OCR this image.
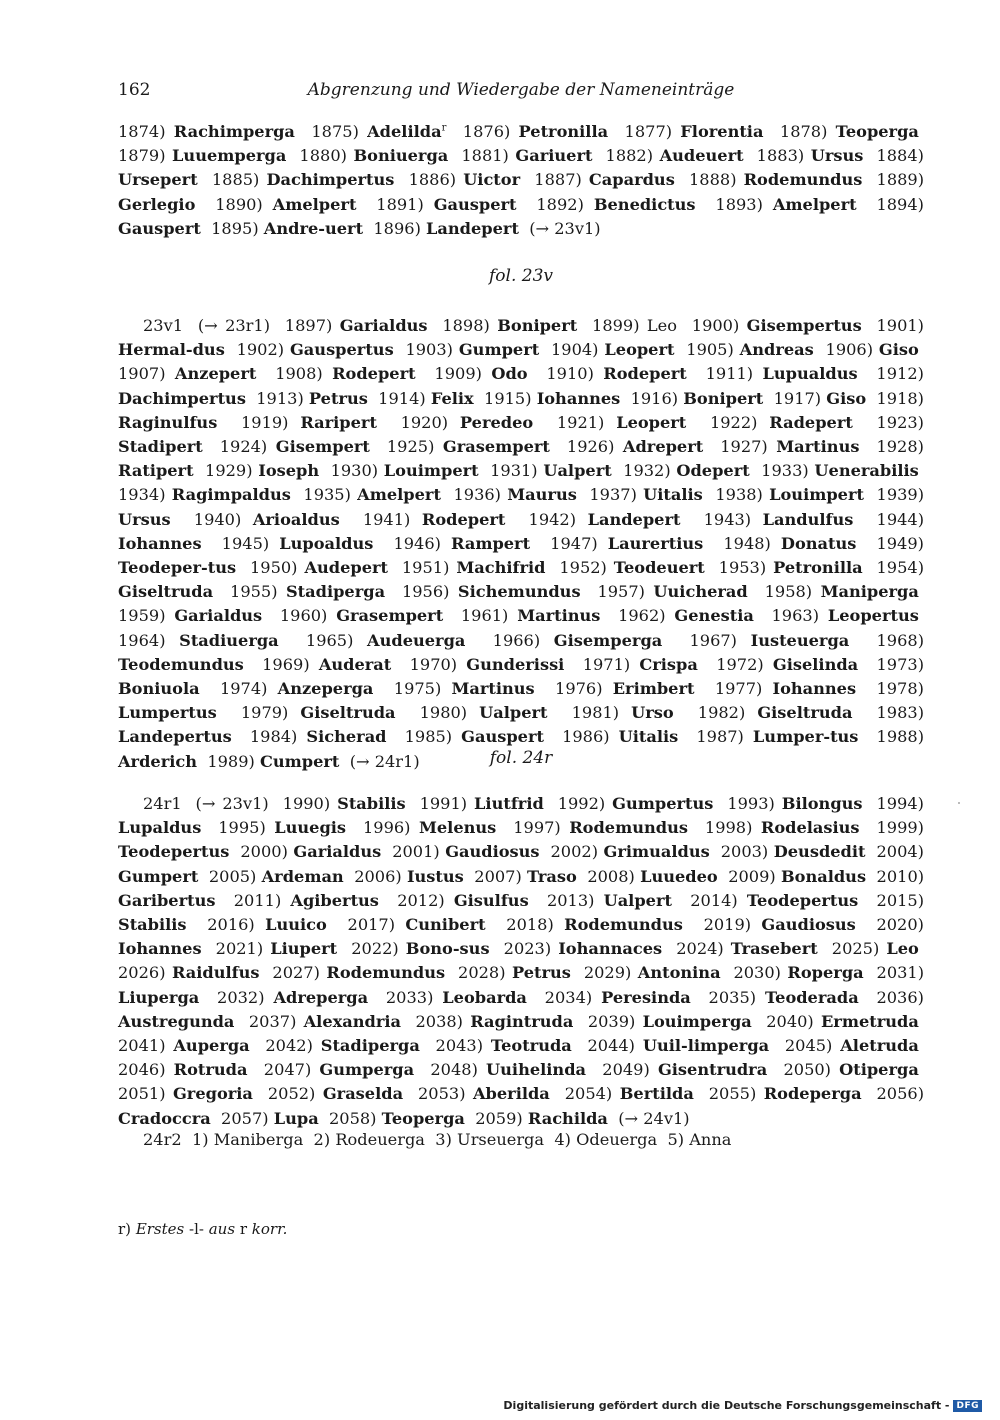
162	Abgrenzung und Wiedergabe der Nameneinträge

1874) Rachimperga 1875) Adelilda$^r$ 1876) Petronilla 1877) Florentia 1878) Teoperga  1879) Luuemperga 1880) Boniuerga 1881) Gariuert 1882) Audeuert 1883) Ursus 1884) Ursepert 1885) Dachimpertus 1886) Uictor 1887) Capardus 1888) Rodemundus 1889) Gerlegio 1890) Amelpert 1891) Gauspert 1892) Benedictus 1893) Amelpert 1894) Gauspert 1895) Andre-uert 1896) Landepert (→ 23v1)

fol. 23v

23v1 (→ 23r1) 1897) Garialdus 1898) Bonipert 1899) Leo 1900) Gisempertus 1901) Hermal-dus 1902) Gauspertus 1903) Gumpert 1904) Leopert 1905) Andreas 1906) Giso  1907) Anzepert 1908) Rodepert 1909) Odo 1910) Rodepert 1911) Lupualdus 1912) Dachimpertus 1913) Petrus 1914) Felix 1915) Iohannes 1916) Bonipert 1917) Giso 1918) Raginulfus 1919) Raripert 1920) Peredeo 1921) Leopert 1922) Radepert 1923) Stadipert 1924) Gisempert 1925) Grasempert 1926) Adrepert 1927) Martinus 1928) Ratipert 1929) Ioseph 1930) Louimpert 1931) Ualpert 1932) Odepert 1933) Uenerabilis  1934) Ragimpaldus 1935) Amelpert 1936) Maurus 1937) Uitalis 1938) Louimpert 1939) Ursus 1940) Arioaldus 1941) Rodepert 1942) Landepert 1943) Landulfus 1944) Iohannes 1945) Lupoaldus 1946) Rampert 1947) Laurertius 1948) Donatus 1949) Teodeper-tus 1950) Audepert 1951) Machifrid 1952) Teodeuert 1953) Petronilla 1954) Giseltruda 1955) Stadiperga 1956) Sichemundus 1957) Uuicherad 1958) Maniperga  1959) Garialdus 1960) Grasempert 1961) Martinus 1962) Genestia 1963) Leopertus  1964) Stadiuerga 1965) Audeuerga 1966) Gisemperga 1967) Iusteuerga 1968) Teodemundus 1969) Auderat 1970) Gunderissi 1971) Crispa 1972) Giselinda 1973) Boniuola 1974) Anzeperga 1975) Martinus 1976) Erimbert 1977) Iohannes 1978) Lumpertus 1979) Giseltruda 1980) Ualpert 1981) Urso 1982) Giseltruda 1983) Landepertus 1984) Sicherad 1985) Gauspert 1986) Uitalis 1987) Lumper-tus 1988) Arderich 1989) Cumpert (→ 24r1)	fol. 24r

24r1 (→ 23v1) 1990) Stabilis 1991) Liutfrid 1992) Gumpertus 1993) Bilongus 1994) Lupaldus 1995) Luuegis 1996) Melenus 1997) Rodemundus 1998) Rodelasius 1999) Teodepertus 2000) Garialdus 2001) Gaudiosus 2002) Grimualdus 2003) Deusdedit 2004) Gumpert 2005) Ardeman 2006) Iustus 2007) Traso 2008) Luuedeo 2009) Bonaldus 2010) Garibertus 2011) Agibertus 2012) Gisulfus 2013) Ualpert 2014) Teodepertus 2015) Stabilis 2016) Luuico 2017) Cunibert 2018) Rodemundus 2019) Gaudiosus 2020) Iohannes 2021) Liupert 2022) Bono-sus 2023) Iohannaces 2024) Trasebert 2025) Leo  2026) Raidulfus 2027) Rodemundus 2028) Petrus 2029) Antonina 2030) Roperga 2031) Liuperga 2032) Adreperga 2033) Leobarda 2034) Peresinda 2035) Teoderada 2036) Austregunda 2037) Alexandria 2038) Ragintruda 2039) Louimperga 2040) Ermetruda  2041) Auperga 2042) Stadiperga 2043) Teotruda 2044) Uuil-limperga 2045) Aletruda  2046) Rotruda 2047) Gumperga 2048) Uuihelinda 2049) Gisentrudra 2050) Otiperga  2051) Gregoria 2052) Graselda 2053) Aberilda 2054) Bertilda 2055) Rodeperga 2056) Cradoccra 2057) Lupa 2058) Teoperga 2059) Rachilda (→ 24v1)

24r2 1) Maniberga 2) Rodeuerga 3) Urseuerga 4) Odeuerga 5) Anna

r) Erstes -l- aus r korr.
Digitalisierung gefördert durch die Deutsche Forschungsgemeinschaft - DFG
